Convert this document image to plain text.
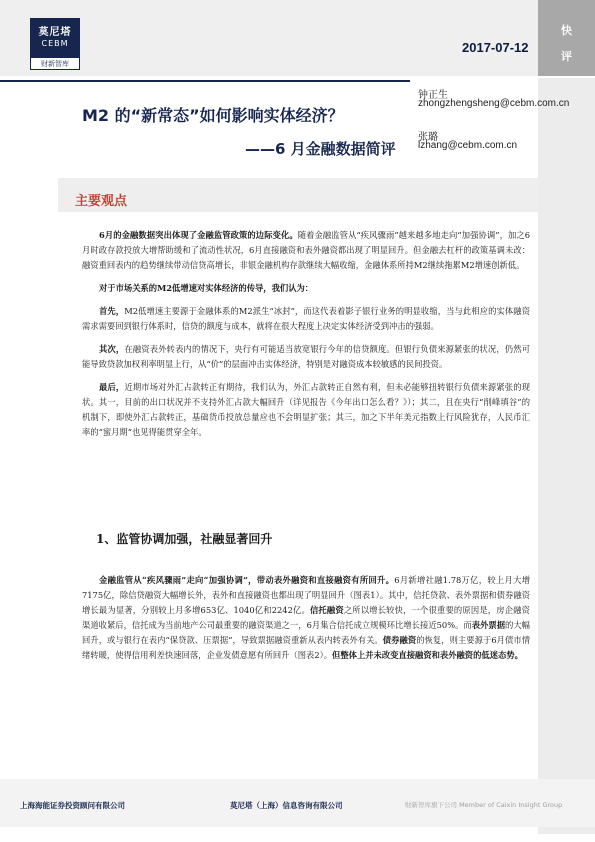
莫尼塔
CEBM
财新智库
2017-07-12
快
评
M2 的“新常态”如何影响实体经济？
——6 月金融数据简评
钟正生
zhongzhengsheng@cebm.com.cn
张璐
lzhang@cebm.com.cn
主要观点

6月的金融数据突出体现了金融监管政策的边际变化。随着金融监管从“疾风骤雨”越来越多地走向“加强协调”，加之6月时政存款投放大增帮助缓和了流动性状况，6月直接融资和表外融资都出现了明显回升。但金融去杠杆的政策基调未改：融资重回表内的趋势继续带动信贷高增长，非银金融机构存款继续大幅收缩，金融体系所持M2继续拖累M2增速创新低。

对于市场关系的M2低增速对实体经济的传导，我们认为：

首先，M2低增速主要源于金融体系的M2派生“冰封”，而这代表着影子银行业务的明显收缩，当与此相应的实体融资需求需要回到银行体系时，信贷的额度与成本，就将在很大程度上决定实体经济受到冲击的强弱。

其次，在融资表外转表内的情况下，央行有可能适当放宽银行今年的信贷额度。但银行负债来源紧张的状况，仍然可能导致贷款加权利率明显上行，从“价”的层面冲击实体经济，特别是对融资成本较敏感的民间投资。

最后，近期市场对外汇占款转正有期待，我们认为，外汇占款转正自然有利，但未必能够扭转银行负债来源紧张的现状。其一，目前的出口状况并不支持外汇占款大幅回升（详见报告《今年出口怎么看？》）；其二，且在央行“削峰填谷”的机制下，即使外汇占款转正，基础货币投放总量应也不会明显扩张；其三，加之下半年美元指数上行风险犹存，人民币汇率的“蜜月期”也见得能贯穿全年。

1、监管协调加强，社融显著回升

金融监管从“疾风骤雨”走向“加强协调”，带动表外融资和直接融资有所回升。6月新增社融1.78万亿，较上月大增7175亿，除信贷融资大幅增长外，表外和直接融资也都出现了明显回升（图表1）。其中，信托贷款、表外票据和债券融资增长最为显著，分别较上月多增653亿、1040亿和2242亿。信托融资之所以增长较快，一个很重要的原因是，房企融资渠道收紧后，信托成为当前地产公司最重要的融资渠道之一，6月集合信托成立规模环比增长接近50%。而表外票据的大幅回升，或与银行在表内“保贷款、压票据”，导致票据融资重新从表内转表外有关。债券融资的恢复，则主要源于6月债市情绪转暖，使得信用利差快速回落，企业发债意愿有所回升（图表2）。但整体上并未改变直接融资和表外融资的低迷态势。

上海海能证券投资顾问有限公司	莫尼塔（上海）信息咨询有限公司	财新智库旗下公司 Member of Caixin Insight Group
